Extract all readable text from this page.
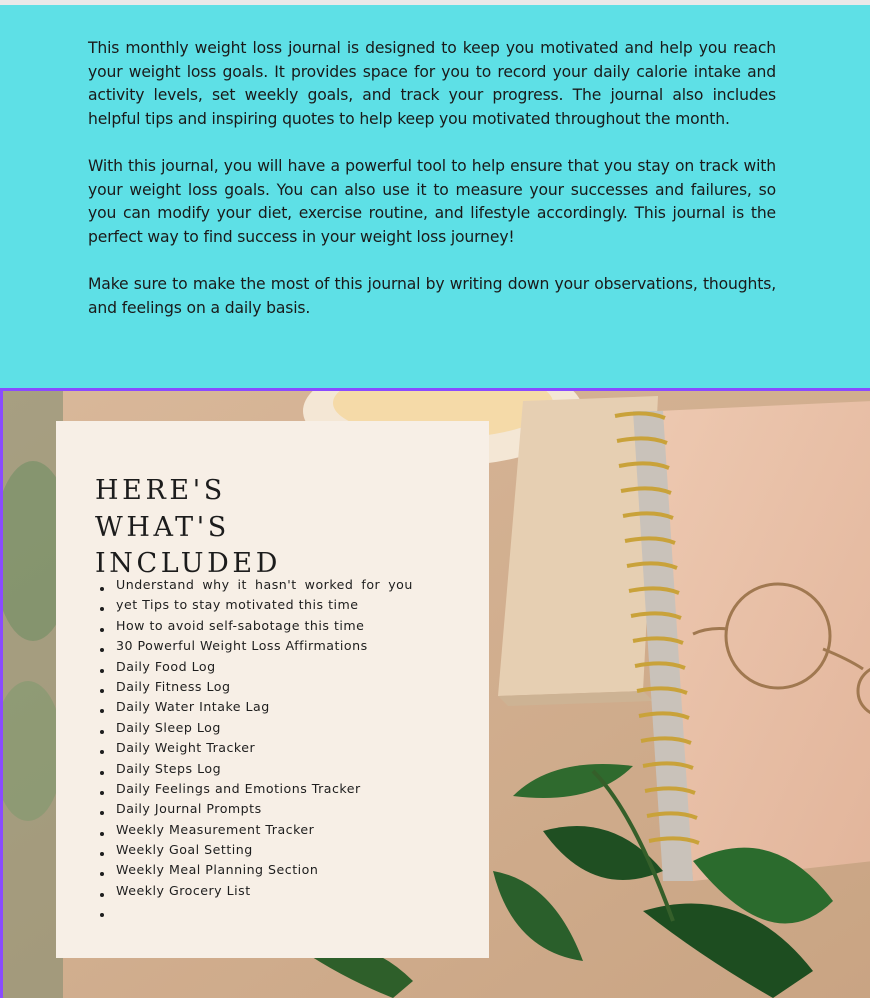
This monthly weight loss journal is designed to keep you motivated and help you reach your weight loss goals. It provides space for you to record your daily calorie intake and activity levels, set weekly goals, and track your progress. The journal also includes helpful tips and inspiring quotes to help keep you motivated throughout the month.

With this journal, you will have a powerful tool to help ensure that you stay on track with your weight loss goals. You can also use it to measure your successes and failures, so you can modify your diet, exercise routine, and lifestyle accordingly. This journal is the perfect way to find success in your weight loss journey!

Make sure to make the most of this journal by writing down your observations, thoughts, and feelings on a daily basis.

HERE'S
WHAT'S
INCLUDED
Understand why it hasn't worked for you
yet Tips to stay motivated this time
How to avoid self-sabotage this time
30 Powerful Weight Loss Affirmations
Daily Food Log
Daily Fitness Log
Daily Water Intake Lag
Daily Sleep Log
Daily Weight Tracker
Daily Steps Log
Daily Feelings and Emotions Tracker
Daily Journal Prompts
Weekly Measurement Tracker
Weekly Goal Setting
Weekly Meal Planning Section
Weekly Grocery List
